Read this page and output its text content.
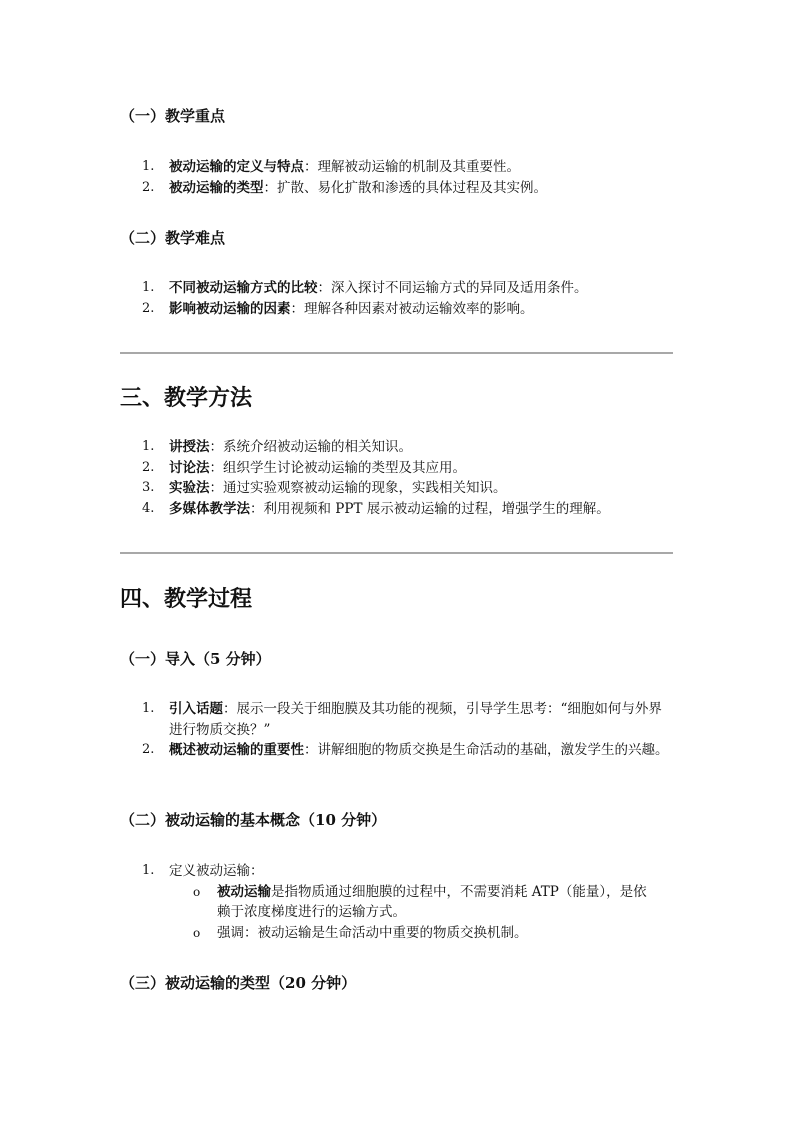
（一）教学重点
1. 被动运输的定义与特点：理解被动运输的机制及其重要性。
2. 被动运输的类型：扩散、易化扩散和渗透的具体过程及其实例。
（二）教学难点
1. 不同被动运输方式的比较：深入探讨不同运输方式的异同及适用条件。
2. 影响被动运输的因素：理解各种因素对被动运输效率的影响。
三、教学方法
1. 讲授法：系统介绍被动运输的相关知识。
2. 讨论法：组织学生讨论被动运输的类型及其应用。
3. 实验法：通过实验观察被动运输的现象，实践相关知识。
4. 多媒体教学法：利用视频和 PPT 展示被动运输的过程，增强学生的理解。
四、教学过程
（一）导入（5 分钟）
1. 引入话题：展示一段关于细胞膜及其功能的视频，引导学生思考：“细胞如何与外界进行物质交换？”
2. 概述被动运输的重要性：讲解细胞的物质交换是生命活动的基础，激发学生的兴趣。
（二）被动运输的基本概念（10 分钟）
1. 定义被动运输：
o 被动运输是指物质通过细胞膜的过程中，不需要消耗 ATP（能量），是依赖于浓度梯度进行的运输方式。
o 强调：被动运输是生命活动中重要的物质交换机制。
（三）被动运输的类型（20 分钟）
